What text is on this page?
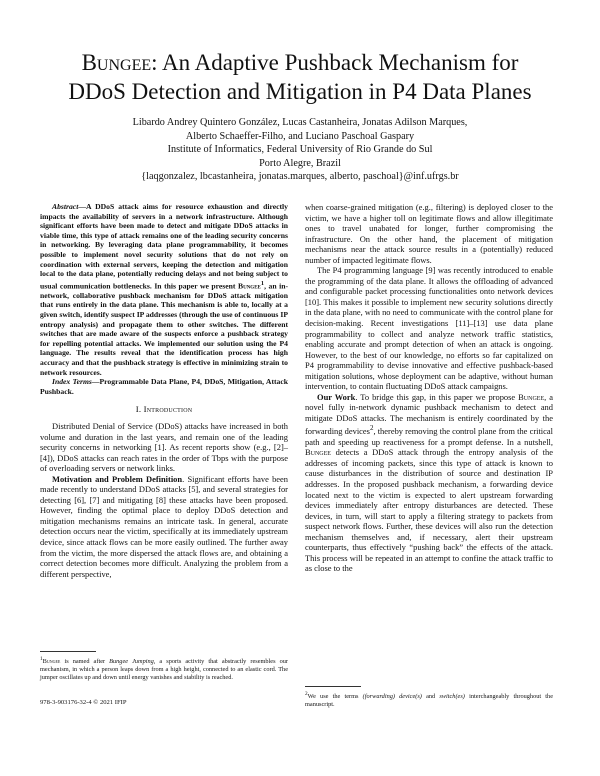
Bungee: An Adaptive Pushback Mechanism for
DDoS Detection and Mitigation in P4 Data Planes
Libardo Andrey Quintero González, Lucas Castanheira, Jonatas Adilson Marques,
Alberto Schaeffer-Filho, and Luciano Paschoal Gaspary
Institute of Informatics, Federal University of Rio Grande do Sul
Porto Alegre, Brazil
{laqgonzalez, lbcastanheira, jonatas.marques, alberto, paschoal}@inf.ufrgs.br

Abstract—A DDoS attack aims for resource exhaustion and directly impacts the availability of servers in a network infrastructure. Although significant efforts have been made to detect and mitigate DDoS attacks in viable time, this type of attack remains one of the leading security concerns in networking. By leveraging data plane programmability, it becomes possible to implement novel security solutions that do not rely on coordination with external servers, keeping the detection and mitigation local to the data plane, potentially reducing delays and not being subject to usual communication bottlenecks. In this paper we present Bungee$^1$, an in-network, collaborative pushback mechanism for DDoS attack mitigation that runs entirely in the data plane. This mechanism is able to, locally at a given switch, identify suspect IP addresses (through the use of continuous IP entropy analysis) and propagate them to other switches. The different switches that are made aware of the suspects enforce a pushback strategy for repelling potential attacks. We implemented our solution using the P4 language. The results reveal that the identification process has high accuracy and that the pushback strategy is effective in minimizing strain to network resources.

Index Terms—Programmable Data Plane, P4, DDoS, Mitigation, Attack Pushback.

I. Introduction

Distributed Denial of Service (DDoS) attacks have increased in both volume and duration in the last years, and remain one of the leading security concerns in networking [1]. As recent reports show (e.g., [2]–[4]), DDoS attacks can reach rates in the order of Tbps with the purpose of overloading servers or network links.

Motivation and Problem Definition. Significant efforts have been made recently to understand DDoS attacks [5], and several strategies for detecting [6], [7] and mitigating [8] these attacks have been proposed. However, finding the optimal place to deploy DDoS detection and mitigation mechanisms remains an intricate task. In general, accurate detection occurs near the victim, specifically at its immediately upstream device, since attack flows can be more easily outlined. The further away from the victim, the more dispersed the attack flows are, and obtaining a correct detection becomes more difficult. Analyzing the problem from a different perspective,

when coarse-grained mitigation (e.g., filtering) is deployed closer to the victim, we have a higher toll on legitimate flows and allow illegitimate ones to travel unabated for longer, further compromising the infrastructure. On the other hand, the placement of mitigation mechanisms near the attack source results in a (potentially) reduced number of impacted legitimate flows.

The P4 programming language [9] was recently introduced to enable the programming of the data plane. It allows the offloading of advanced and configurable packet processing functionalities onto network devices [10]. This makes it possible to implement new security solutions directly in the data plane, with no need to communicate with the control plane for decision-making. Recent investigations [11]–[13] use data plane programmability to collect and analyze network traffic statistics, enabling accurate and prompt detection of when an attack is ongoing. However, to the best of our knowledge, no efforts so far capitalized on P4 programmability to devise innovative and effective pushback-based mitigation solutions, whose deployment can be adaptive, without human intervention, to contain fluctuating DDoS attack campaigns.

Our Work. To bridge this gap, in this paper we propose Bungee, a novel fully in-network dynamic pushback mechanism to detect and mitigate DDoS attacks. The mechanism is entirely coordinated by the forwarding devices$^2$, thereby removing the control plane from the critical path and speeding up reactiveness for a prompt defense. In a nutshell, Bungee detects a DDoS attack through the entropy analysis of the addresses of incoming packets, since this type of attack is known to cause disturbances in the distribution of source and destination IP addresses. In the proposed pushback mechanism, a forwarding device located next to the victim is expected to alert upstream forwarding devices immediately after entropy disturbances are detected. These devices, in turn, will start to apply a filtering strategy to packets from suspect network flows. Further, these devices will also run the detection mechanism themselves and, if necessary, alert their upstream counterparts, thus effectively “pushing back” the effects of the attack. This process will be repeated in an attempt to confine the attack traffic to as close to the

$^1$Bungee is named after Bungee Jumping, a sports activity that abstractly resembles our mechanism, in which a person leaps down from a high height, connected to an elastic cord. The jumper oscillates up and down until energy vanishes and stability is reached.
$^2$We use the terms (forwarding) device(s) and switch(es) interchangeably throughout the manuscript.
978-3-903176-32-4 © 2021 IFIP
